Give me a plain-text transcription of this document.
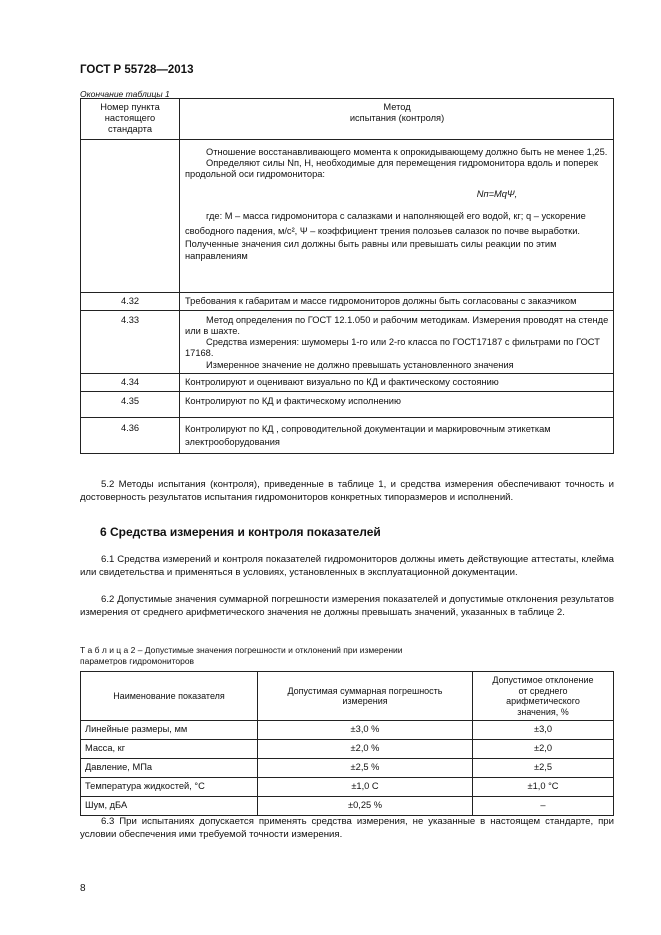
ГОСТ Р 55728—2013
Окончание таблицы 1
Номер пункта настоящего стандарта	Метод
испытания (контроля)

	Отношение восстанавливающего момента к опрокидывающему должно быть не менее 1,25.

Определяют силы Nп, Н, необходимые для перемещения гидромонитора вдоль и поперек продольной оси гидромонитора:

Nп=MqΨ,

где: М – масса гидромонитора с салазками и наполняющей его водой, кг; q – ускорение свободного падения, м/с², Ψ – коэффициент трения полозьев салазок по почве выработки.

Полученные значения сил должны быть равны или превышать силы реакции по этим направлениям

4.32	Требования к габаритам и массе гидромониторов должны быть согласованы с заказчиком
4.33	Метод определения по ГОСТ 12.1.050 и рабочим методикам. Измерения проводят на стенде или в шахте.

Средства измерения: шумомеры 1-го или 2-го класса по ГОСТ17187 с фильтрами по ГОСТ 17168.

Измеренное значение не должно превышать установленного значения

4.34	Контролируют и оценивают визуально по КД и фактическому состоянию
4.35	Контролируют по КД и фактическому исполнению
4.36	Контролируют по КД , сопроводительной документации и маркировочным этикеткам электрооборудования

5.2 Методы испытания (контроля), приведенные в таблице 1, и средства измерения обеспечивают точность и достоверность результатов испытания гидромониторов конкретных типоразмеров и исполнений.

6 Средства измерения и контроля показателей

6.1 Средства измерений и контроля показателей гидромониторов должны иметь действующие аттестаты, клейма или свидетельства и применяться в условиях, установленных в эксплуатационной документации.

6.2 Допустимые значения суммарной погрешности измерения показателей и допустимые отклонения результатов измерения от среднего арифметического значения не должны превышать значений, указанных в таблице 2.

Т а б л и ц а 2 – Допустимые значения погрешности и отклонений при измерении
параметров гидромониторов
Наименование показателя	Допустимая суммарная погрешность измерения	Допустимое отклонение от среднего арифметического значения, %
Линейные размеры, мм	±3,0 %	±3,0
Масса, кг	±2,0 %	±2,0
Давление, МПа	±2,5 %	±2,5
Температура жидкостей, °С	±1,0 С	±1,0 °С
Шум, дБА	±0,25 %	–

6.3 При испытаниях допускается применять средства измерения, не указанные в настоящем стандарте, при условии обеспечения ими требуемой точности измерения.

8
